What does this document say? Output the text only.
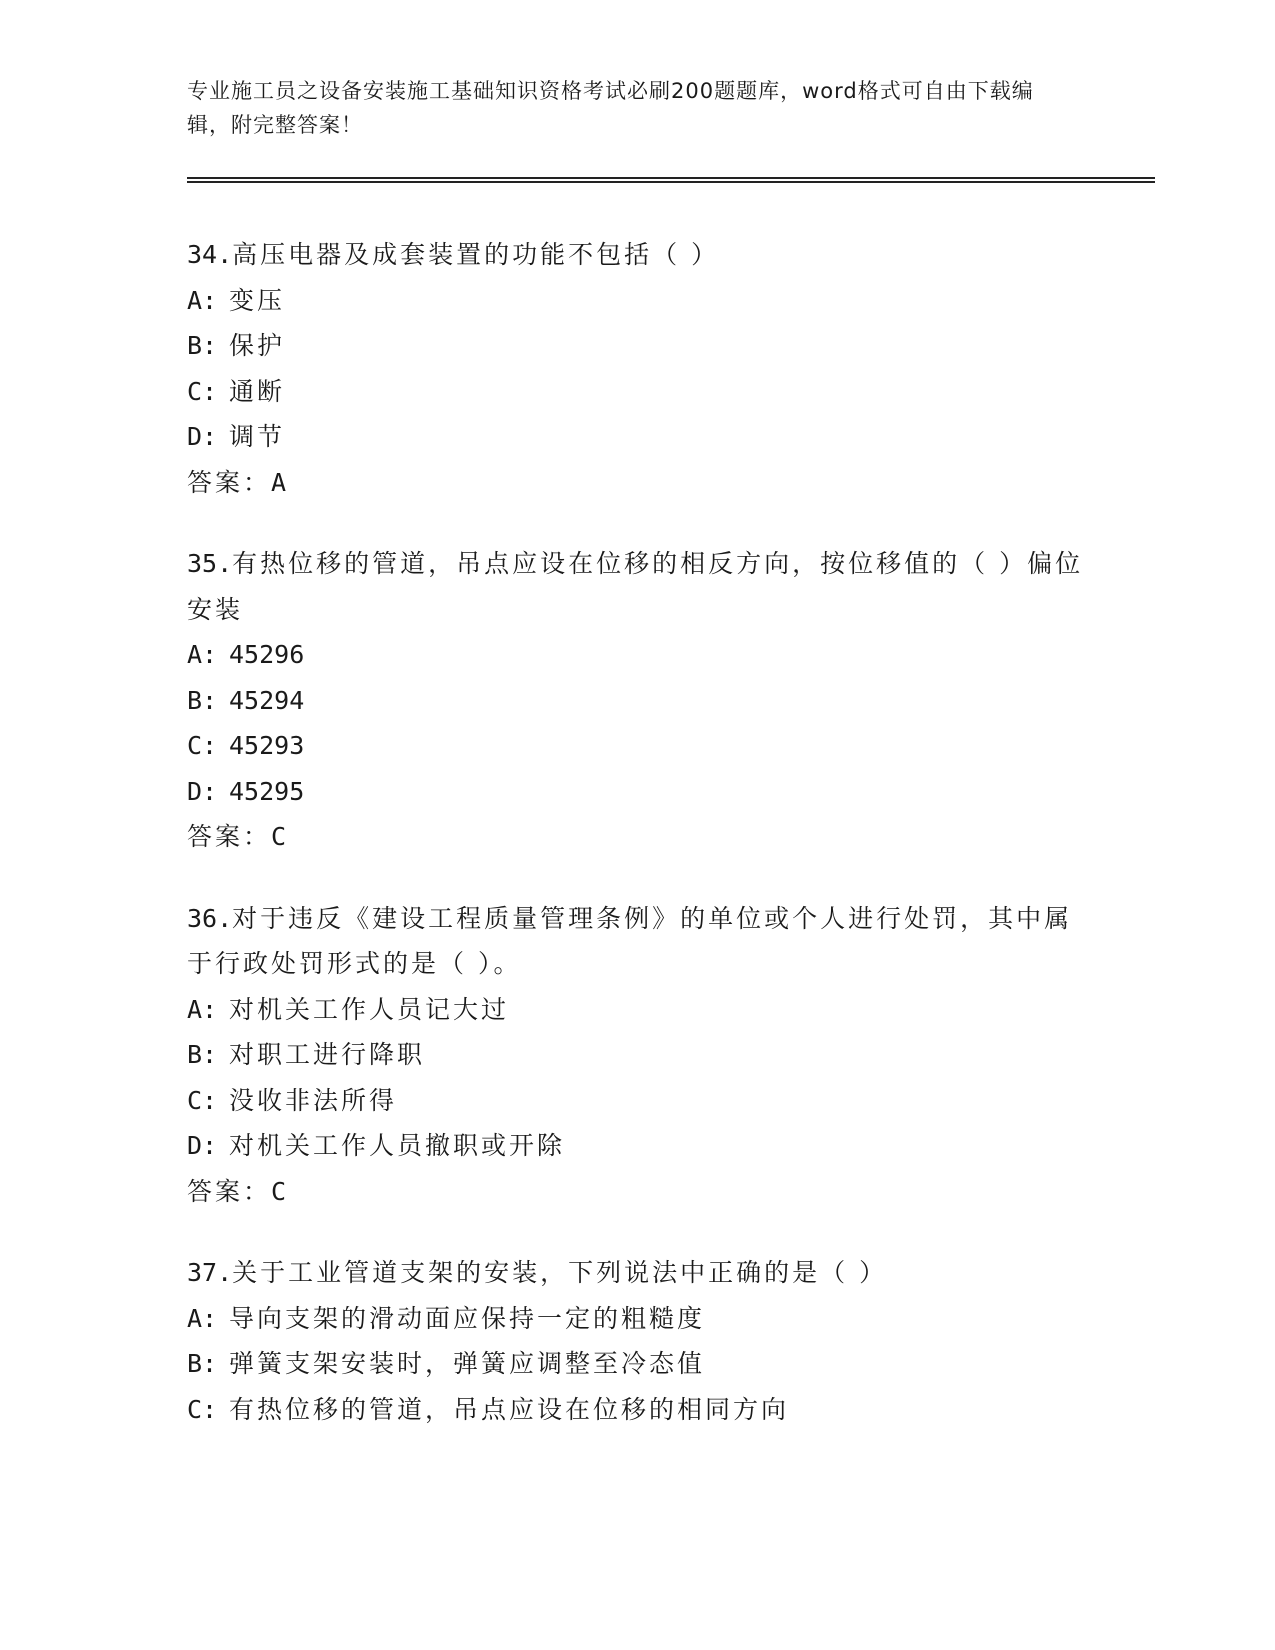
专业施工员之设备安装施工基础知识资格考试必刷200题题库，word格式可自由下载编辑，附完整答案！
34.高压电器及成套装置的功能不包括（ ）
A: 变压
B: 保护
C: 通断
D: 调节
答案：A
35.有热位移的管道，吊点应设在位移的相反方向，按位移值的（ ）偏位安装
A: 45296
B: 45294
C: 45293
D: 45295
答案：C
36.对于违反《建设工程质量管理条例》的单位或个人进行处罚，其中属于行政处罚形式的是（ ）。
A: 对机关工作人员记大过
B: 对职工进行降职
C: 没收非法所得
D: 对机关工作人员撤职或开除
答案：C
37.关于工业管道支架的安装，下列说法中正确的是（ ）
A: 导向支架的滑动面应保持一定的粗糙度
B: 弹簧支架安装时，弹簧应调整至冷态值
C: 有热位移的管道，吊点应设在位移的相同方向
